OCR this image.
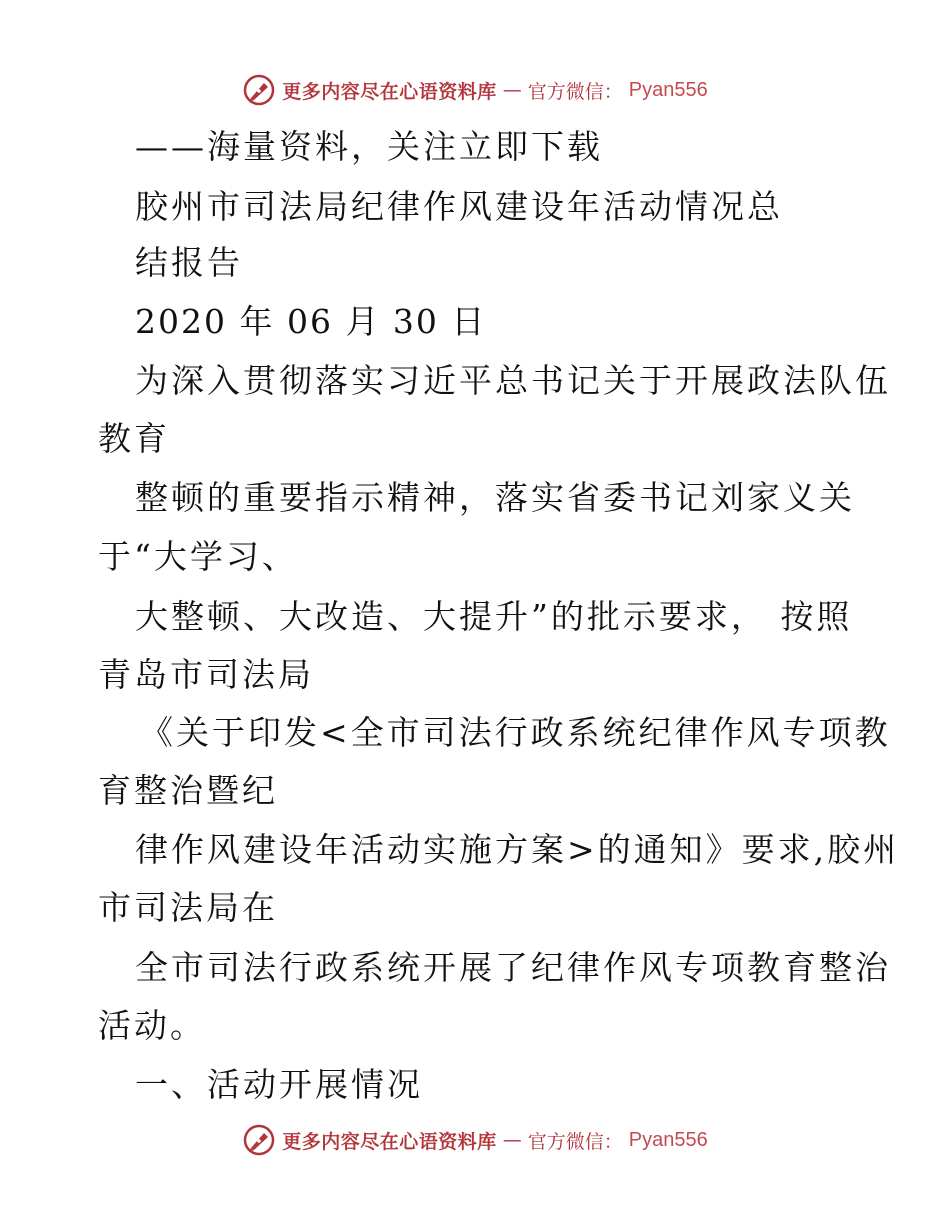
更多内容尽在心语资料库 — 官方微信： Pyan556
——海量资料，关注立即下载
胶州市司法局纪律作风建设年活动情况总
结报告
2020 年 06 月 30 日
为深入贯彻落实习近平总书记关于开展政法队伍
教育
整顿的重要指示精神，落实省委书记刘家义关
于“大学习、
大整顿、大改造、大提升”的批示要求， 按照
青岛市司法局
《关于印发<全市司法行政系统纪律作风专项教
育整治暨纪
律作风建设年活动实施方案>的通知》要求,胶州
市司法局在
全市司法行政系统开展了纪律作风专项教育整治
活动。
一、活动开展情况
更多内容尽在心语资料库 — 官方微信： Pyan556
